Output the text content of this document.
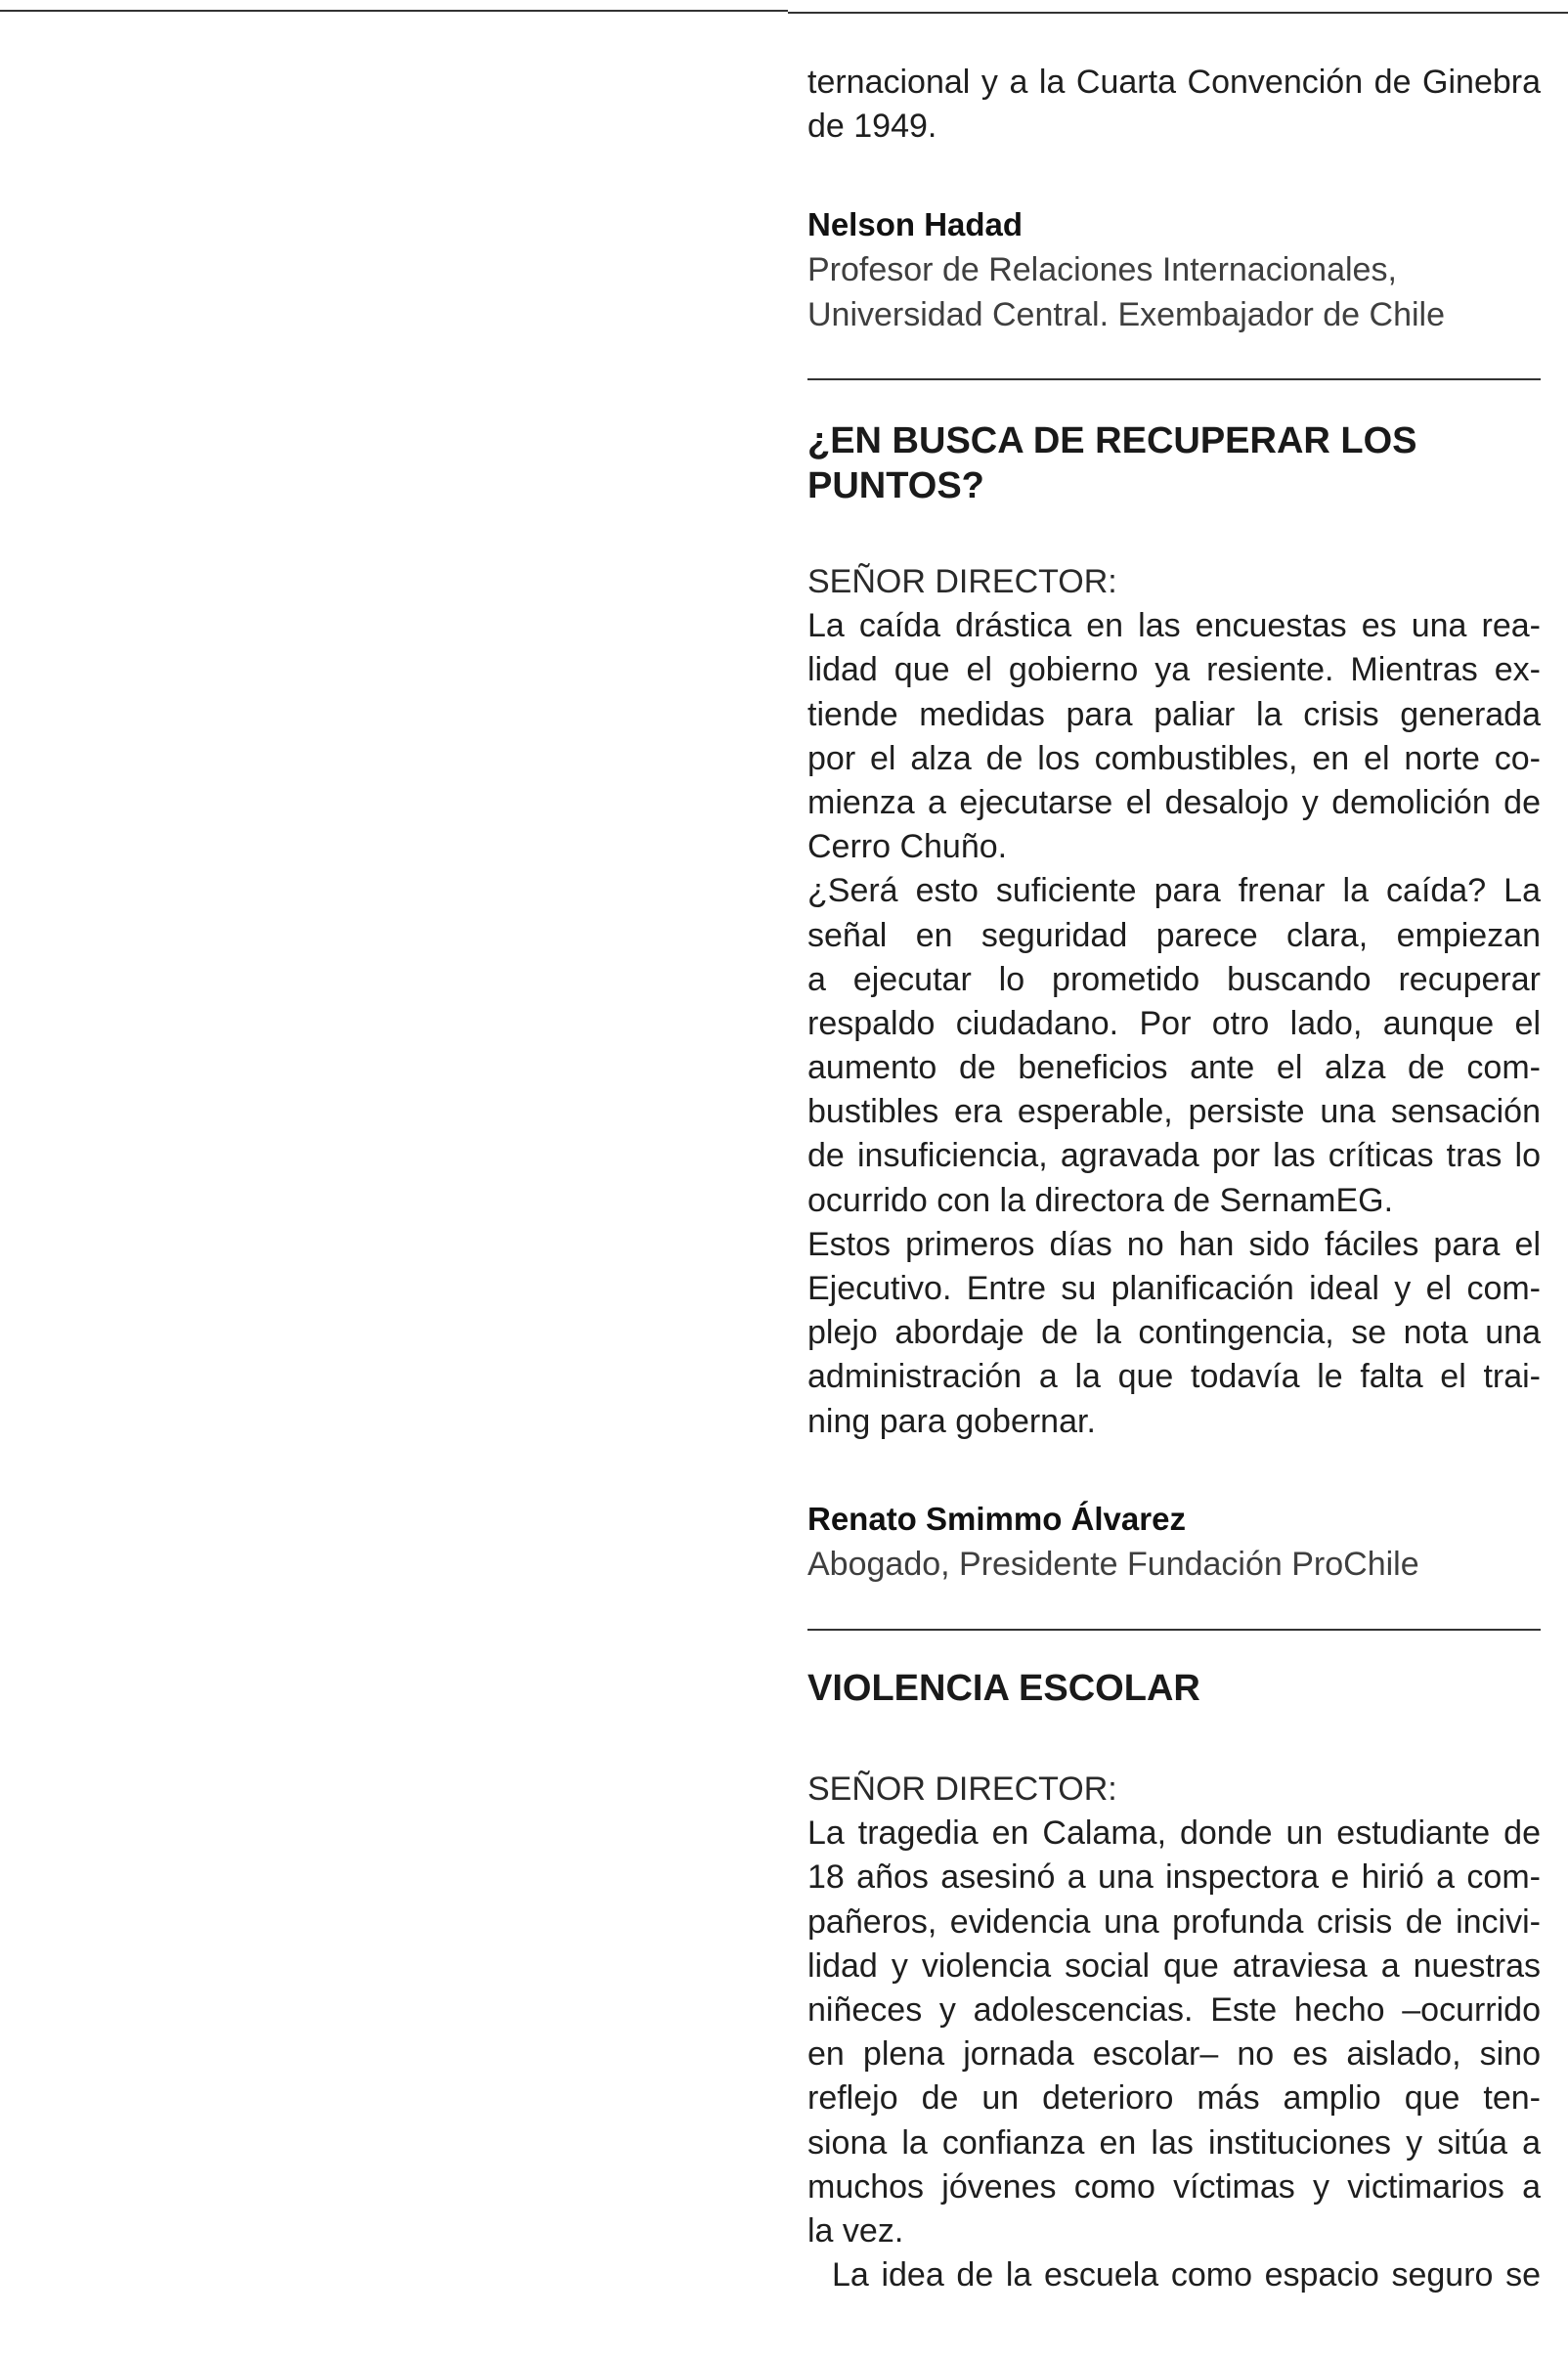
ternacional y a la Cuarta Convención de Ginebra
de 1949.
Nelson Hadad
Profesor de Relaciones Internacionales,
Universidad Central. Exembajador de Chile
¿EN BUSCA DE RECUPERAR LOS
PUNTOS?
SEÑOR DIRECTOR:
La caída drástica en las encuestas es una rea-
lidad que el gobierno ya resiente. Mientras ex-
tiende medidas para paliar la crisis generada
por el alza de los combustibles, en el norte co-
mienza a ejecutarse el desalojo y demolición de
Cerro Chuño.
¿Será esto suficiente para frenar la caída? La
señal en seguridad parece clara, empiezan
a ejecutar lo prometido buscando recuperar
respaldo ciudadano. Por otro lado, aunque el
aumento de beneficios ante el alza de com-
bustibles era esperable, persiste una sensación
de insuficiencia, agravada por las críticas tras lo
ocurrido con la directora de SernamEG.
Estos primeros días no han sido fáciles para el
Ejecutivo. Entre su planificación ideal y el com-
plejo abordaje de la contingencia, se nota una
administración a la que todavía le falta el trai-
ning para gobernar.
Renato Smimmo Álvarez
Abogado, Presidente Fundación ProChile
VIOLENCIA ESCOLAR
SEÑOR DIRECTOR:
La tragedia en Calama, donde un estudiante de
18 años asesinó a una inspectora e hirió a com-
pañeros, evidencia una profunda crisis de incivi-
lidad y violencia social que atraviesa a nuestras
niñeces y adolescencias. Este hecho –ocurrido
en plena jornada escolar– no es aislado, sino
reflejo de un deterioro más amplio que ten-
siona la confianza en las instituciones y sitúa a
muchos jóvenes como víctimas y victimarios a
la vez.
La idea de la escuela como espacio seguro se
